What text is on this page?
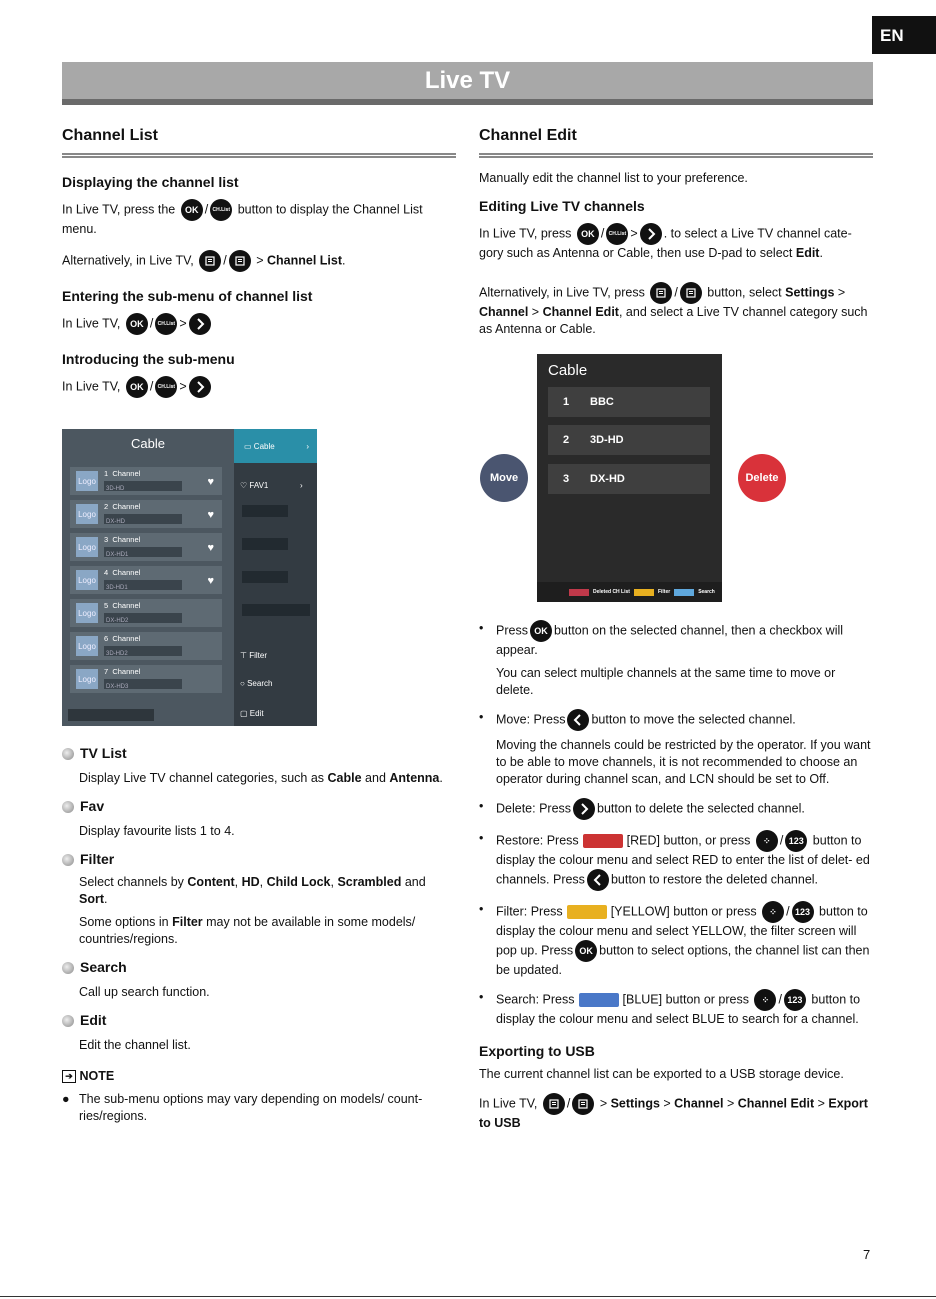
EN
Live TV
Channel List
Displaying the channel list

In Live TV, press the OK / CH.List button to display the Channel List menu.

Alternatively, in Live TV, / > Channel List.

Entering the sub-menu of channel list

In Live TV, OK / CH.List >

Introducing the sub-menu

In Live TV, OK / CH.List >

Cable
Logo
1 Channel
3D-HD
♥
Logo
2 Channel
DX-HD
♥
Logo
3 Channel
DX-HD1
♥
Logo
4 Channel
3D-HD1
♥
Logo
5 Channel
DX-HD2
Logo
6 Channel
3D-HD2
Logo
7 Channel
DX-HD3
▭
Cable	›
♡ FAV1	›
⊤ Filter
○ Search
▢ Edit
TV List

Display Live TV channel categories, such as Cable and Antenna.

Fav

Display favourite lists 1 to 4.

Filter

Select channels by Content, HD, Child Lock, Scrambled and Sort.

Some options in Filter may not be available in some models/ countries/regions.

Search

Call up search function.

Edit

Edit the channel list.

➔ NOTE

● The sub-menu options may vary depending on models/ count- ries/regions.

Channel Edit

Manually edit the channel list to your preference.

Editing Live TV channels

In Live TV, press OK / CH.List > . to select a Live TV channel cate- gory such as Antenna or Cable, then use D-pad to select Edit.

Alternatively, in Live TV, press / button, select Settings > Channel > Channel Edit, and select a Live TV channel category such as Antenna or Cable.

Move	Delete
Cable
1	BBC
2	3D-HD
3	DX-HD
Deleted CH List	Filter	Search
• Press OK button on the selected channel, then a checkbox will appear.

You can select multiple channels at the same time to move or delete.

• Move: Press button to move the selected channel.

Moving the channels could be restricted by the operator. If you want to be able to move channels, it is not recommended to choose an operator during channel scan, and LCN should be set to Off.

• Delete: Press button to delete the selected channel.
• Restore: Press	[RED] button, or press ⁘ / 123 button to display the colour menu and select RED to enter the list of delet- ed channels. Press button to restore the deleted channel.
• Filter: Press	[YELLOW] button or press ⁘ / 123 button to display the colour menu and select YELLOW, the filter screen will pop up. Press OK button to select options, the channel list can then be updated.
• Search: Press	[BLUE] button or press ⁘ / 123 button to display the colour menu and select BLUE to search for a channel.
Exporting to USB

The current channel list can be exported to a USB storage device.

In Live TV, /
> Settings > Channel > Channel Edit > Export to USB

7
